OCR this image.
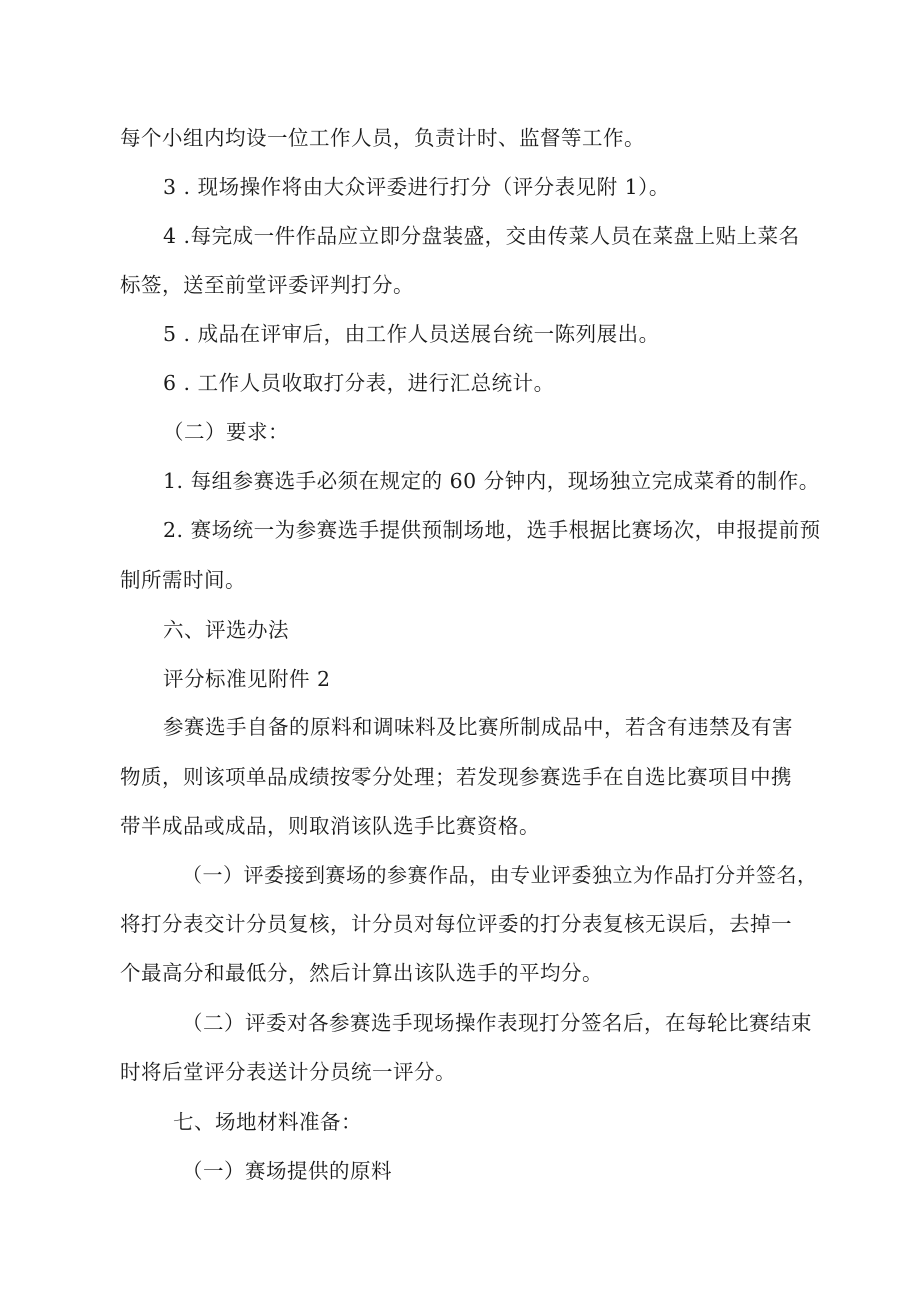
每个小组内均设一位工作人员，负责计时、监督等工作。
3 . 现场操作将由大众评委进行打分（评分表见附 1）。
4 .每完成一件作品应立即分盘装盛，交由传菜人员在菜盘上贴上菜名
标签，送至前堂评委评判打分。
5 . 成品在评审后，由工作人员送展台统一陈列展出。
6 . 工作人员收取打分表，进行汇总统计。
（二）要求：
1. 每组参赛选手必须在规定的 60 分钟内，现场独立完成菜肴的制作。
2. 赛场统一为参赛选手提供预制场地，选手根据比赛场次，申报提前预
制所需时间。
六、评选办法
评分标准见附件 2
参赛选手自备的原料和调味料及比赛所制成品中，若含有违禁及有害
物质，则该项单品成绩按零分处理；若发现参赛选手在自选比赛项目中携
带半成品或成品，则取消该队选手比赛资格。
（一）评委接到赛场的参赛作品，由专业评委独立为作品打分并签名，
将打分表交计分员复核，计分员对每位评委的打分表复核无误后，去掉一
个最高分和最低分，然后计算出该队选手的平均分。
（二）评委对各参赛选手现场操作表现打分签名后，在每轮比赛结束
时将后堂评分表送计分员统一评分。
七、场地材料准备：
（一）赛场提供的原料
